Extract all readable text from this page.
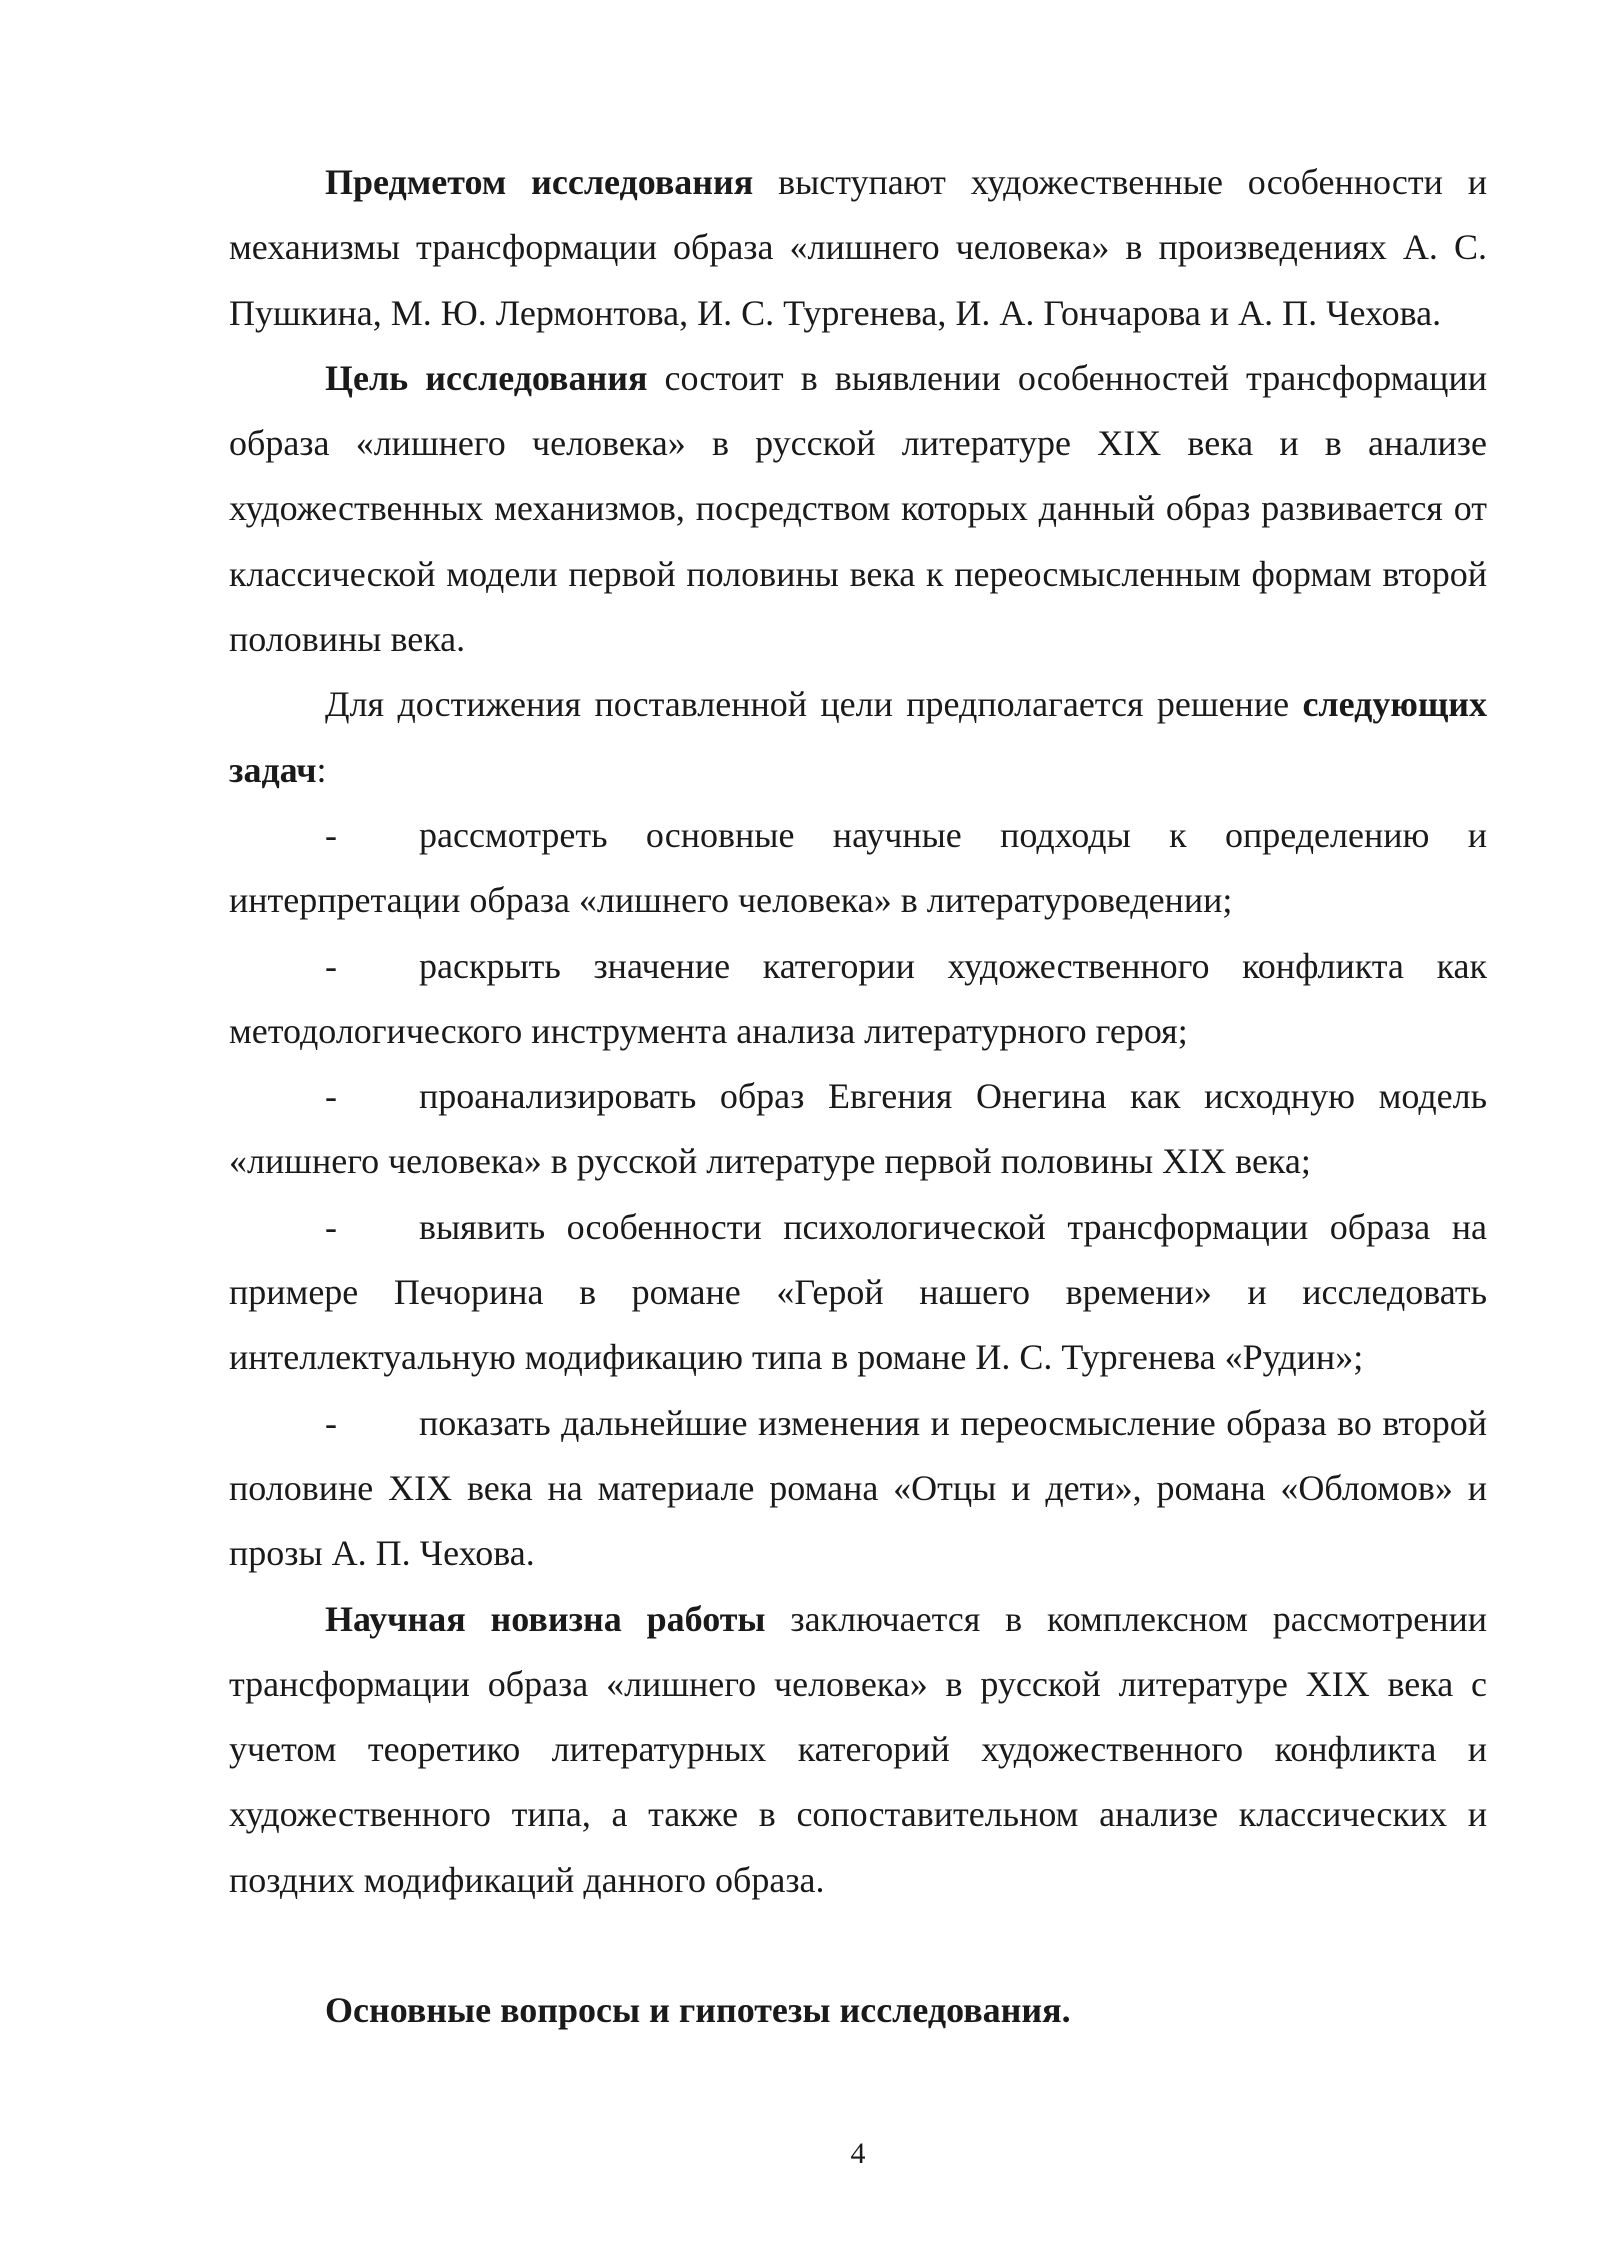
Предметом исследования выступают художественные особенности и механизмы трансформации образа «лишнего человека» в произведениях А. С. Пушкина, М. Ю. Лермонтова, И. С. Тургенева, И. А. Гончарова и А. П. Чехова.

Цель исследования состоит в выявлении особенностей трансформации образа «лишнего человека» в русской литературе XIX века и в анализе художественных механизмов, посредством которых данный образ развивается от классической модели первой половины века к переосмысленным формам второй половины века.

Для достижения поставленной цели предполагается решение следующих задач:

- рассмотреть основные научные подходы к определению и интерпретации образа «лишнего человека» в литературоведении;

- раскрыть значение категории художественного конфликта как методологического инструмента анализа литературного героя;

- проанализировать образ Евгения Онегина как исходную модель «лишнего человека» в русской литературе первой половины XIX века;

- выявить особенности психологической трансформации образа на примере Печорина в романе «Герой нашего времени» и исследовать интеллектуальную модификацию типа в романе И. С. Тургенева «Рудин»;

- показать дальнейшие изменения и переосмысление образа во второй половине XIX века на материале романа «Отцы и дети», романа «Обломов» и прозы А. П. Чехова.

Научная новизна работы заключается в комплексном рассмотрении трансформации образа «лишнего человека» в русской литературе XIX века с учетом теоретико литературных категорий художественного конфликта и художественного типа, а также в сопоставительном анализе классических и поздних модификаций данного образа.

Основные вопросы и гипотезы исследования.

4
